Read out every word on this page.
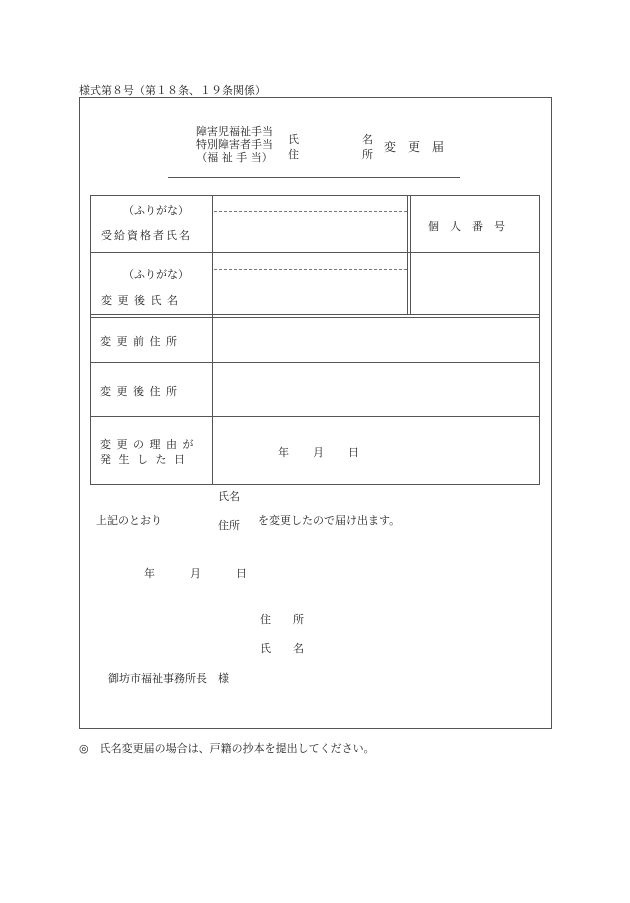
様式第８号（第１８条、１９条関係）
障害児福祉手当
特別障害者手当
（福 祉 手 当）
氏
住
名
所
変　更　届
（ふりがな）
受給資格者氏名
個　人　番　号
（ふりがな）
変 更 後 氏 名
変 更 前 住 所
変 更 後 住 所
変 更 の 理 由 が
発 生 し た 日
年 月 日
上記のとおり
氏名
住所 を変更したので届け出ます。
年	月	日
住　　所
氏　　名
御坊市福祉事務所長　様
◎　氏名変更届の場合は、戸籍の抄本を提出してください。
